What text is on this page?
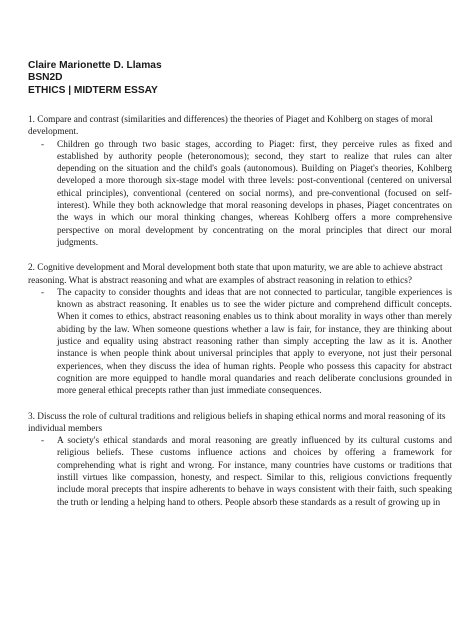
Claire Marionette D. Llamas
BSN2D
ETHICS | MIDTERM ESSAY

1. Compare and contrast (similarities and differences) the theories of Piaget and Kohlberg on stages of moral development.

- Children go through two basic stages, according to Piaget: first, they perceive rules as fixed and established by authority people (heteronomous); second, they start to realize that rules can alter depending on the situation and the child's goals (autonomous). Building on Piaget's theories, Kohlberg developed a more thorough six-stage model with three levels: post-conventional (centered on universal ethical principles), conventional (centered on social norms), and pre-conventional (focused on self-interest). While they both acknowledge that moral reasoning develops in phases, Piaget concentrates on the ways in which our moral thinking changes, whereas Kohlberg offers a more comprehensive perspective on moral development by concentrating on the moral principles that direct our moral judgments.

2. Cognitive development and Moral development both state that upon maturity, we are able to achieve abstract reasoning. What is abstract reasoning and what are examples of abstract reasoning in relation to ethics?

- The capacity to consider thoughts and ideas that are not connected to particular, tangible experiences is known as abstract reasoning. It enables us to see the wider picture and comprehend difficult concepts. When it comes to ethics, abstract reasoning enables us to think about morality in ways other than merely abiding by the law. When someone questions whether a law is fair, for instance, they are thinking about justice and equality using abstract reasoning rather than simply accepting the law as it is. Another instance is when people think about universal principles that apply to everyone, not just their personal experiences, when they discuss the idea of human rights. People who possess this capacity for abstract cognition are more equipped to handle moral quandaries and reach deliberate conclusions grounded in more general ethical precepts rather than just immediate consequences.

3. Discuss the role of cultural traditions and religious beliefs in shaping ethical norms and moral reasoning of its individual members

- A society's ethical standards and moral reasoning are greatly influenced by its cultural customs and religious beliefs. These customs influence actions and choices by offering a framework for comprehending what is right and wrong. For instance, many countries have customs or traditions that instill virtues like compassion, honesty, and respect. Similar to this, religious convictions frequently include moral precepts that inspire adherents to behave in ways consistent with their faith, such speaking the truth or lending a helping hand to others. People absorb these standards as a result of growing up in
